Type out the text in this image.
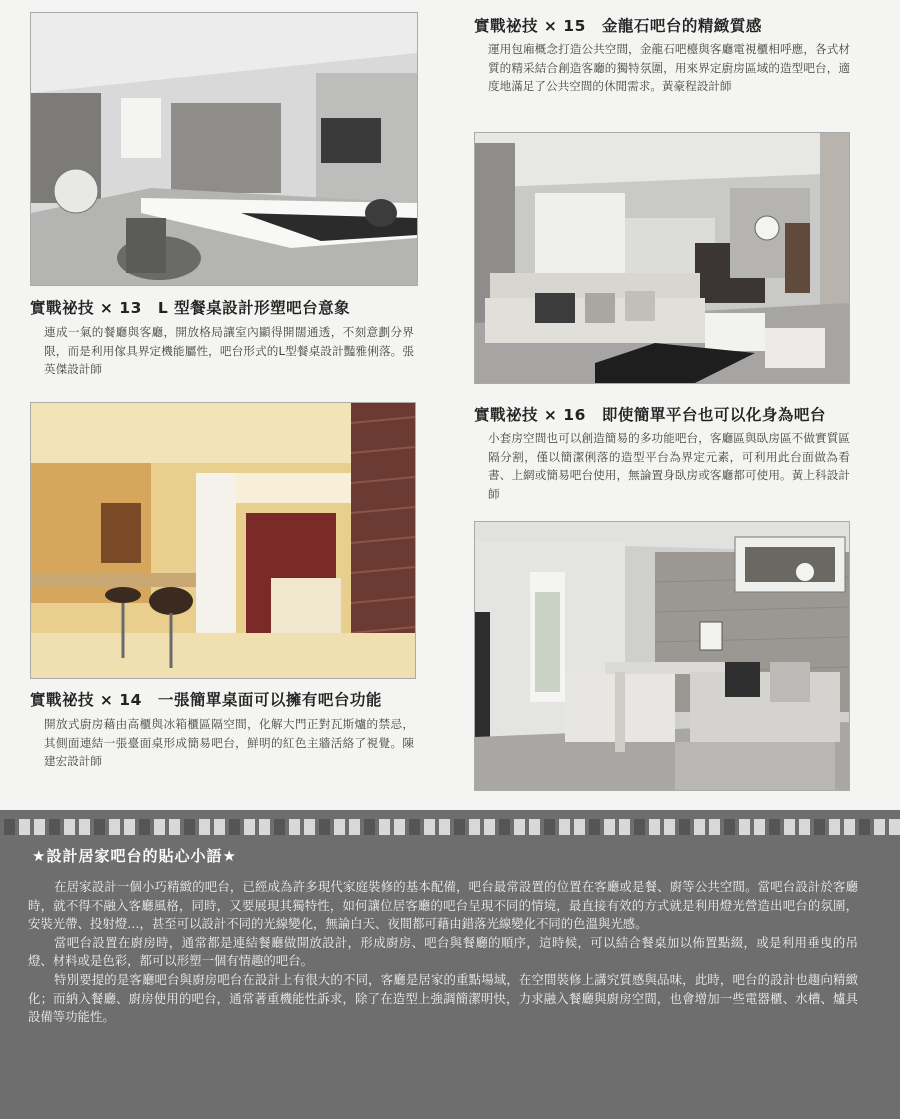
實戰祕技 × 13　L 型餐桌設計形塑吧台意象

連成一氣的餐廳與客廳，開放格局讓室內顯得開闊通透，不刻意劃分界限，而是利用傢具界定機能屬性，吧台形式的L型餐桌設計豔雅俐落。張英傑設計師

實戰祕技 × 14　一張簡單桌面可以擁有吧台功能

開放式廚房藉由高櫃與冰箱櫃區隔空間，化解大門正對瓦斯爐的禁忌，其側面連結一張臺面桌形成簡易吧台，鮮明的紅色主牆活絡了視覺。陳建宏設計師

實戰祕技 × 15　金龍石吧台的精緻質感

運用包廂概念打造公共空間，金龍石吧檯與客廳電視櫃相呼應，各式材質的精采結合創造客廳的獨特氛圍，用來界定廚房區域的造型吧台，適度地滿足了公共空間的休閒需求。黃豪程設計師

實戰祕技 × 16　即使簡單平台也可以化身為吧台

小套房空間也可以創造簡易的多功能吧台，客廳區與臥房區不做實質區隔分割，僅以簡潔俐落的造型平台為界定元素，可利用此台面做為看書、上網或簡易吧台使用，無論置身臥房或客廳都可使用。黃上科設計師

★設計居家吧台的貼心小語★

在居家設計一個小巧精緻的吧台，已經成為許多現代家庭裝修的基本配備，吧台最常設置的位置在客廳或是餐、廚等公共空間。當吧台設計於客廳時，就不得不融入客廳風格，同時，又要展現其獨特性，如何讓位居客廳的吧台呈現不同的情境，最直接有效的方式就是利用燈光營造出吧台的氛圍，安裝光帶、投射燈…，甚至可以設計不同的光線變化，無論白天、夜間都可藉由錯落光線變化不同的色溫與光感。

當吧台設置在廚房時，通常都是連結餐廳做開放設計，形成廚房、吧台與餐廳的順序，這時候，可以結合餐桌加以佈置點綴，或是利用垂曳的吊燈、材料或是色彩，都可以形塑一個有情趣的吧台。

特別要提的是客廳吧台與廚房吧台在設計上有很大的不同，客廳是居家的重點場域，在空間裝修上講究質感與品味，此時，吧台的設計也趨向精緻化；而納入餐廳、廚房使用的吧台，通常著重機能性訴求，除了在造型上強調簡潔明快，力求融入餐廳與廚房空間，也會增加一些電器櫃、水槽、爐具設備等功能性。
